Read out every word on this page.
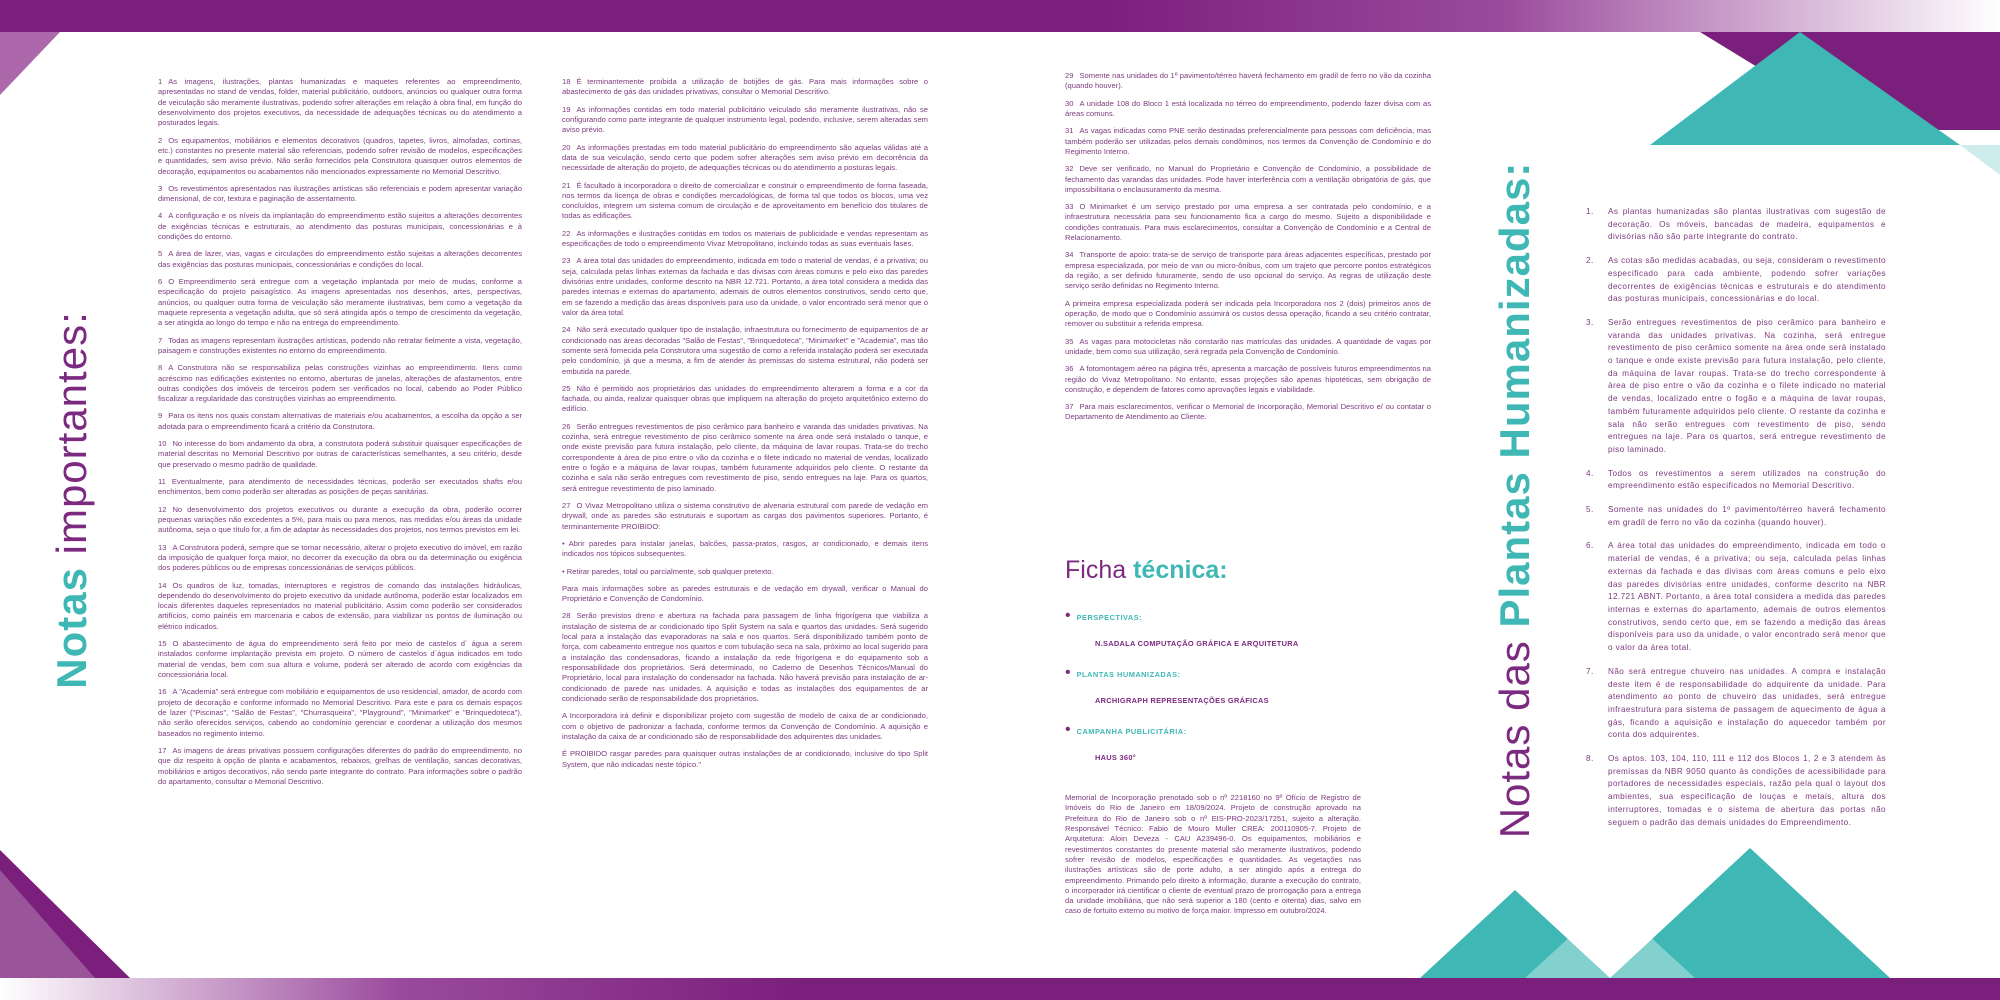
Notas importantes:
Notas das Plantas Humanizadas:

1 As imagens, ilustrações, plantas humanizadas e maquetes referentes ao empreendimento, apresentadas no stand de vendas, folder, material publicitário, outdoors, anúncios ou qualquer outra forma de veiculação são meramente ilustrativas, podendo sofrer alterações em relação à obra final, em função do desenvolvimento dos projetos executivos, da necessidade de adequações técnicas ou do atendimento a posturados legais.

2 Os equipamentos, mobiliários e elementos decorativos (quadros, tapetes, livros, almofadas, cortinas, etc.) constantes no presente material são referenciais, podendo sofrer revisão de modelos, especificações e quantidades, sem aviso prévio. Não serão fornecidos pela Construtora quaisquer outros elementos de decoração, equipamentos ou acabamentos não mencionados expressamente no Memorial Descritivo.

3 Os revestimentos apresentados nas ilustrações artísticas são referenciais e podem apresentar variação dimensional, de cor, textura e paginação de assentamento.

4 A configuração e os níveis da implantação do empreendimento estão sujeitos a alterações decorrentes de exigências técnicas e estruturais, ao atendimento das posturas municipais, concessionárias e à condições do entorno.

5 A área de lazer, vias, vagas e circulações do empreendimento estão sujeitas a alterações decorrentes das exigências das posturas municipais, concessionárias e condições do local.

6 O Empreendimento será entregue com a vegetação implantada por meio de mudas, conforme a especificação do projeto paisagístico. As imagens apresentadas nos desenhos, artes, perspectivas, anúncios, ou qualquer outra forma de veiculação são meramente ilustrativas, bem como a vegetação da maquete representa a vegetação adulta, que só será atingida após o tempo de crescimento da vegetação, a ser atingida ao longo do tempo e não na entrega do empreendimento.

7 Todas as imagens representam ilustrações artísticas, podendo não retratar fielmente a vista, vegetação, paisagem e construções existentes no entorno do empreendimento.

8 A Construtora não se responsabiliza pelas construções vizinhas ao empreendimento. Itens como acréscimo nas edificações existentes no entorno, aberturas de janelas, alterações de afastamentos, entre outras condições dos imóveis de terceiros podem ser verificados no local, cabendo ao Poder Público fiscalizar a regularidade das construções vizinhas ao empreendimento.

9 Para os itens nos quais constam alternativas de materiais e/ou acabamentos, a escolha da opção a ser adotada para o empreendimento ficará a critério da Construtora.

10 No interesse do bom andamento da obra, a construtora poderá substituir quaisquer especificações de material descritas no Memorial Descritivo por outras de características semelhantes, a seu critério, desde que preservado o mesmo padrão de qualidade.

11 Eventualmente, para atendimento de necessidades técnicas, poderão ser executados shafts e/ou enchimentos, bem como poderão ser alteradas as posições de peças sanitárias.

12 No desenvolvimento dos projetos executivos ou durante a execução da obra, poderão ocorrer pequenas variações não excedentes a 5%, para mais ou para menos, nas medidas e/ou áreas da unidade autônoma, seja o que título for, a fim de adaptar às necessidades dos projetos, nos termos previstos em lei.

13 A Construtora poderá, sempre que se tornar necessário, alterar o projeto executivo do imóvel, em razão da imposição de qualquer força maior, no decorrer da execução da obra ou da determinação ou exigência dos poderes públicos ou de empresas concessionárias de serviços públicos.

14 Os quadros de luz, tomadas, interruptores e registros de comando das instalações hidráulicas, dependendo do desenvolvimento do projeto executivo da unidade autônoma, poderão estar localizados em locais diferentes daqueles representados no material publicitário. Assim como poderão ser considerados artifícios, como painéis em marcenaria e cabos de extensão, para viabilizar os pontos de iluminação ou elétrico indicados.

15 O abastecimento de água do empreendimento será feito por meio de castelos d´ água a serem instalados conforme implantação prevista em projeto. O número de castelos d´água indicados em todo material de vendas, bem com sua altura e volume, poderá ser alterado de acordo com exigências da concessionária local.

16 A "Academia" será entregue com mobiliário e equipamentos de uso residencial, amador, de acordo com projeto de decoração e conforme informado no Memorial Descritivo. Para este e para os demais espaços de lazer ("Piscinas", "Salão de Festas", "Churrasqueira", "Playground", "Minimarket" e "Brinquedoteca"), não serão oferecidos serviços, cabendo ao condomínio gerenciar e coordenar a utilização dos mesmos baseados no regimento interno.

17 As imagens de áreas privativas possuem configurações diferentes do padrão do empreendimento, no que diz respeito à opção de planta e acabamentos, rebaixos, grelhas de ventilação, sancas decorativas, mobiliários e artigos decorativos, não sendo parte integrante do contrato. Para informações sobre o padrão do apartamento, consultar o Memorial Descritivo.

18 É terminantemente proibida a utilização de botijões de gás. Para mais informações sobre o abastecimento de gás das unidades privativas, consultar o Memorial Descritivo.

19 As informações contidas em todo material publicitário veiculado são meramente ilustrativas, não se configurando como parte integrante de qualquer instrumento legal, podendo, inclusive, serem alteradas sem aviso prévio.

20 As informações prestadas em todo material publicitário do empreendimento são aquelas válidas até a data de sua veiculação, sendo certo que podem sofrer alterações sem aviso prévio em decorrência da necessidade de alteração do projeto, de adequações técnicas ou do atendimento a posturas legais.

21 É facultado à incorporadora o direito de comercializar e construir o empreendimento de forma faseada, nos termos da licença de obras e condições mercadológicas, de forma tal que todos os blocos, uma vez concluídos, integrem um sistema comum de circulação e de aproveitamento em benefício dos titulares de todas as edificações.

22 As informações e ilustrações contidas em todos os materiais de publicidade e vendas representam as especificações de todo o empreendimento Vivaz Metropolitano, incluindo todas as suas eventuais fases.

23 A área total das unidades do empreendimento, indicada em todo o material de vendas, é a privativa; ou seja, calculada pelas linhas externas da fachada e das divisas com áreas comuns e pelo eixo das paredes divisórias entre unidades, conforme descrito na NBR 12.721. Portanto, a área total considera a medida das paredes internas e externas do apartamento, ademais de outros elementos construtivos, sendo certo que, em se fazendo a medição das áreas disponíveis para uso da unidade, o valor encontrado será menor que o valor da área total.

24 Não será executado qualquer tipo de instalação, infraestrutura ou fornecimento de equipamentos de ar condicionado nas áreas decoradas "Salão de Festas", "Brinquedoteca", "Minimarket" e "Academia", mas tão somente será fornecida pela Construtora uma sugestão de como a referida instalação poderá ser executada pelo condomínio, já que a mesma, a fim de atender às premissas do sistema estrutural, não poderá ser embutida na parede.

25 Não é permitido aos proprietários das unidades do empreendimento alterarem a forma e a cor da fachada, ou ainda, realizar quaisquer obras que impliquem na alteração do projeto arquitetônico externo do edifício.

26 Serão entregues revestimentos de piso cerâmico para banheiro e varanda das unidades privativas. Na cozinha, será entregue revestimento de piso cerâmico somente na área onde será instalado o tanque, e onde existe previsão para futura instalação, pelo cliente, da máquina de lavar roupas. Trata-se do trecho correspondente à área de piso entre o vão da cozinha e o filete indicado no material de vendas, localizado entre o fogão e a máquina de lavar roupas, também futuramente adquiridos pelo cliente. O restante da cozinha e sala não serão entregues com revestimento de piso, sendo entregues na laje. Para os quartos, será entregue revestimento de piso laminado.

27 O Vivaz Metropolitano utiliza o sistema construtivo de alvenaria estrutural com parede de vedação em drywall, onde as paredes são estruturais e suportam as cargas dos pavimentos superiores. Portanto, é terminantemente PROIBIDO:

• Abrir paredes para instalar janelas, balcões, passa-pratos, rasgos, ar condicionado, e demais itens indicados nos tópicos subsequentes.

• Retirar paredes, total ou parcialmente, sob qualquer pretexto.

Para mais informações sobre as paredes estruturais e de vedação em drywall, verificar o Manual do Proprietário e Convenção de Condomínio.

28 Serão previstos dreno e abertura na fachada para passagem de linha frigorígena que viabiliza a instalação de sistema de ar condicionado tipo Split System na sala e quartos das unidades. Será sugerido local para a instalação das evaporadoras na sala e nos quartos. Será disponibilizado também ponto de força, com cabeamento entregue nos quartos e com tubulação seca na sala, próximo ao local sugerido para a instalação das condensadoras, ficando a instalação da rede frigorígena e do equipamento sob a responsabilidade dos proprietários. Será determinado, no Caderno de Desenhos Técnicos/Manual do Proprietário, local para instalação do condensador na fachada. Não haverá previsão para instalação de ar-condicionado de parede nas unidades. A aquisição e todas as instalações dos equipamentos de ar condicionado serão de responsabilidade dos proprietários.

A Incorporadora irá definir e disponibilizar projeto com sugestão de modelo de caixa de ar condicionado, com o objetivo de padronizar a fachada, conforme termos da Convenção de Condomínio. A aquisição e instalação da caixa de ar condicionado são de responsabilidade dos adquirentes das unidades.

É PROIBIDO rasgar paredes para quaisquer outras instalações de ar condicionado, inclusive do tipo Split System, que não indicadas neste tópico."

29 Somente nas unidades do 1º pavimento/térreo haverá fechamento em gradil de ferro no vão da cozinha (quando houver).

30 A unidade 108 do Bloco 1 está localizada no térreo do empreendimento, podendo fazer divisa com as áreas comuns.

31 As vagas indicadas como PNE serão destinadas preferencialmente para pessoas com deficiência, mas também poderão ser utilizadas pelos demais condôminos, nos termos da Convenção de Condomínio e do Regimento Interno.

32 Deve ser verificado, no Manual do Proprietário e Convenção de Condomínio, a possibilidade de fechamento das varandas das unidades. Pode haver interferência com a ventilação obrigatória de gás, que impossibilitaria o enclausuramento da mesma.

33 O Minimarket é um serviço prestado por uma empresa a ser contratada pelo condomínio, e a infraestrutura necessária para seu funcionamento fica a cargo do mesmo. Sujeito a disponibilidade e condições contratuais. Para mais esclarecimentos, consultar a Convenção de Condomínio e a Central de Relacionamento.

34 Transporte de apoio: trata-se de serviço de transporte para áreas adjacentes específicas, prestado por empresa especializada, por meio de van ou micro-ônibus, com um trajeto que percorre pontos estratégicos da região, a ser definido futuramente, sendo de uso opcional do serviço. As regras de utilização deste serviço serão definidas no Regimento Interno.

A primeira empresa especializada poderá ser indicada pela Incorporadora nos 2 (dois) primeiros anos de operação, de modo que o Condomínio assumirá os custos dessa operação, ficando a seu critério contratar, remover ou substituir a referida empresa.

35 As vagas para motocicletas não constarão nas matrículas das unidades. A quantidade de vagas por unidade, bem como sua utilização, será regrada pela Convenção de Condomínio.

36 A fotomontagem aéreo na página três, apresenta a marcação de possíveis futuros empreendimentos na região do Vivaz Metropolitano. No entanto, essas projeções são apenas hipotéticas, sem obrigação de construção, e dependem de fatores como aprovações legais e viabilidade.

37 Para mais esclarecimentos, verificar o Memorial de Incorporação, Memorial Descritivo e/ ou contatar o Departamento de Atendimento ao Cliente.

Ficha técnica:
• PERSPECTIVAS:
N.SADALA COMPUTAÇÃO GRÁFICA E ARQUITETURA
• PLANTAS HUMANIZADAS:
ARCHIGRAPH REPRESENTAÇÕES GRÁFICAS
• CAMPANHA PUBLICITÁRIA:
HAUS 360°
Memorial de Incorporação prenotado sob o nº 2218160 no 9º Ofício de Registro de Imóveis do Rio de Janeiro em 18/09/2024. Projeto de construção aprovado na Prefeitura do Rio de Janeiro sob o nº EIS-PRO-2023/17251, sujeito a alteração. Responsável Técnico: Fabio de Mouro Muller CREA: 200110905-7. Projeto de Arquitetura: Aloin Deveza - CAU A239496-0. Os equipamentos, mobiliários e revestimentos constantes do presente material são meramente ilustrativos, podendo sofrer revisão de modelos, especificações e quantidades. As vegetações nas ilustrações artísticas são de porte adulto, a ser atingido após a entrega do empreendimento. Primando pelo direito à informação, durante a execução do contrato, o incorporador irá cientificar o cliente de eventual prazo de prorrogação para a entrega da unidade imobiliária, que não será superior a 180 (cento e oitenta) dias, salvo em caso de fortuito externo ou motivo de força maior. Impresso em outubro/2024.
1.	As plantas humanizadas são plantas ilustrativas com sugestão de decoração. Os móveis, bancadas de madeira, equipamentos e divisórias não são parte integrante do contrato.
2.	As cotas são medidas acabadas, ou seja, consideram o revestimento especificado para cada ambiente, podendo sofrer variações decorrentes de exigências técnicas e estruturais e do atendimento das posturas municipais, concessionárias e do local.
3.	Serão entregues revestimentos de piso cerâmico para banheiro e varanda das unidades privativas. Na cozinha, será entregue revestimento de piso cerâmico somente na área onde será instalado o tanque e onde existe previsão para futura instalação, pelo cliente, da máquina de lavar roupas. Trata-se do trecho correspondente à área de piso entre o vão da cozinha e o filete indicado no material de vendas, localizado entre o fogão e a máquina de lavar roupas, também futuramente adquiridos pelo cliente. O restante da cozinha e sala não serão entregues com revestimento de piso, sendo entregues na laje. Para os quartos, será entregue revestimento de piso laminado.
4.	Todos os revestimentos a serem utilizados na construção do empreendimento estão especificados no Memorial Descritivo.
5.	Somente nas unidades do 1º pavimento/térreo haverá fechamento em gradil de ferro no vão da cozinha (quando houver).
6.	A área total das unidades do empreendimento, indicada em todo o material de vendas, é a privativa; ou seja, calculada pelas linhas externas da fachada e das divisas com áreas comuns e pelo eixo das paredes divisórias entre unidades, conforme descrito na NBR 12.721 ABNT. Portanto, a área total considera a medida das paredes internas e externas do apartamento, ademais de outros elementos construtivos, sendo certo que, em se fazendo a medição das áreas disponíveis para uso da unidade, o valor encontrado será menor que o valor da área total.
7.	Não será entregue chuveiro nas unidades. A compra e instalação deste item é de responsabilidade do adquirente da unidade. Para atendimento ao ponto de chuveiro das unidades, será entregue infraestrutura para sistema de passagem de aquecimento de água a gás, ficando a aquisição e instalação do aquecedor também por conta dos adquirentes.
8.	Os aptos. 103, 104, 110, 111 e 112 dos Blocos 1, 2 e 3 atendem às premissas da NBR 9050 quanto às condições de acessibilidade para portadores de necessidades especiais, razão pela qual o layout dos ambientes, sua especificação de louças e metais, altura dos interruptores, tomadas e o sistema de abertura das portas não seguem o padrão das demais unidades do Empreendimento.
